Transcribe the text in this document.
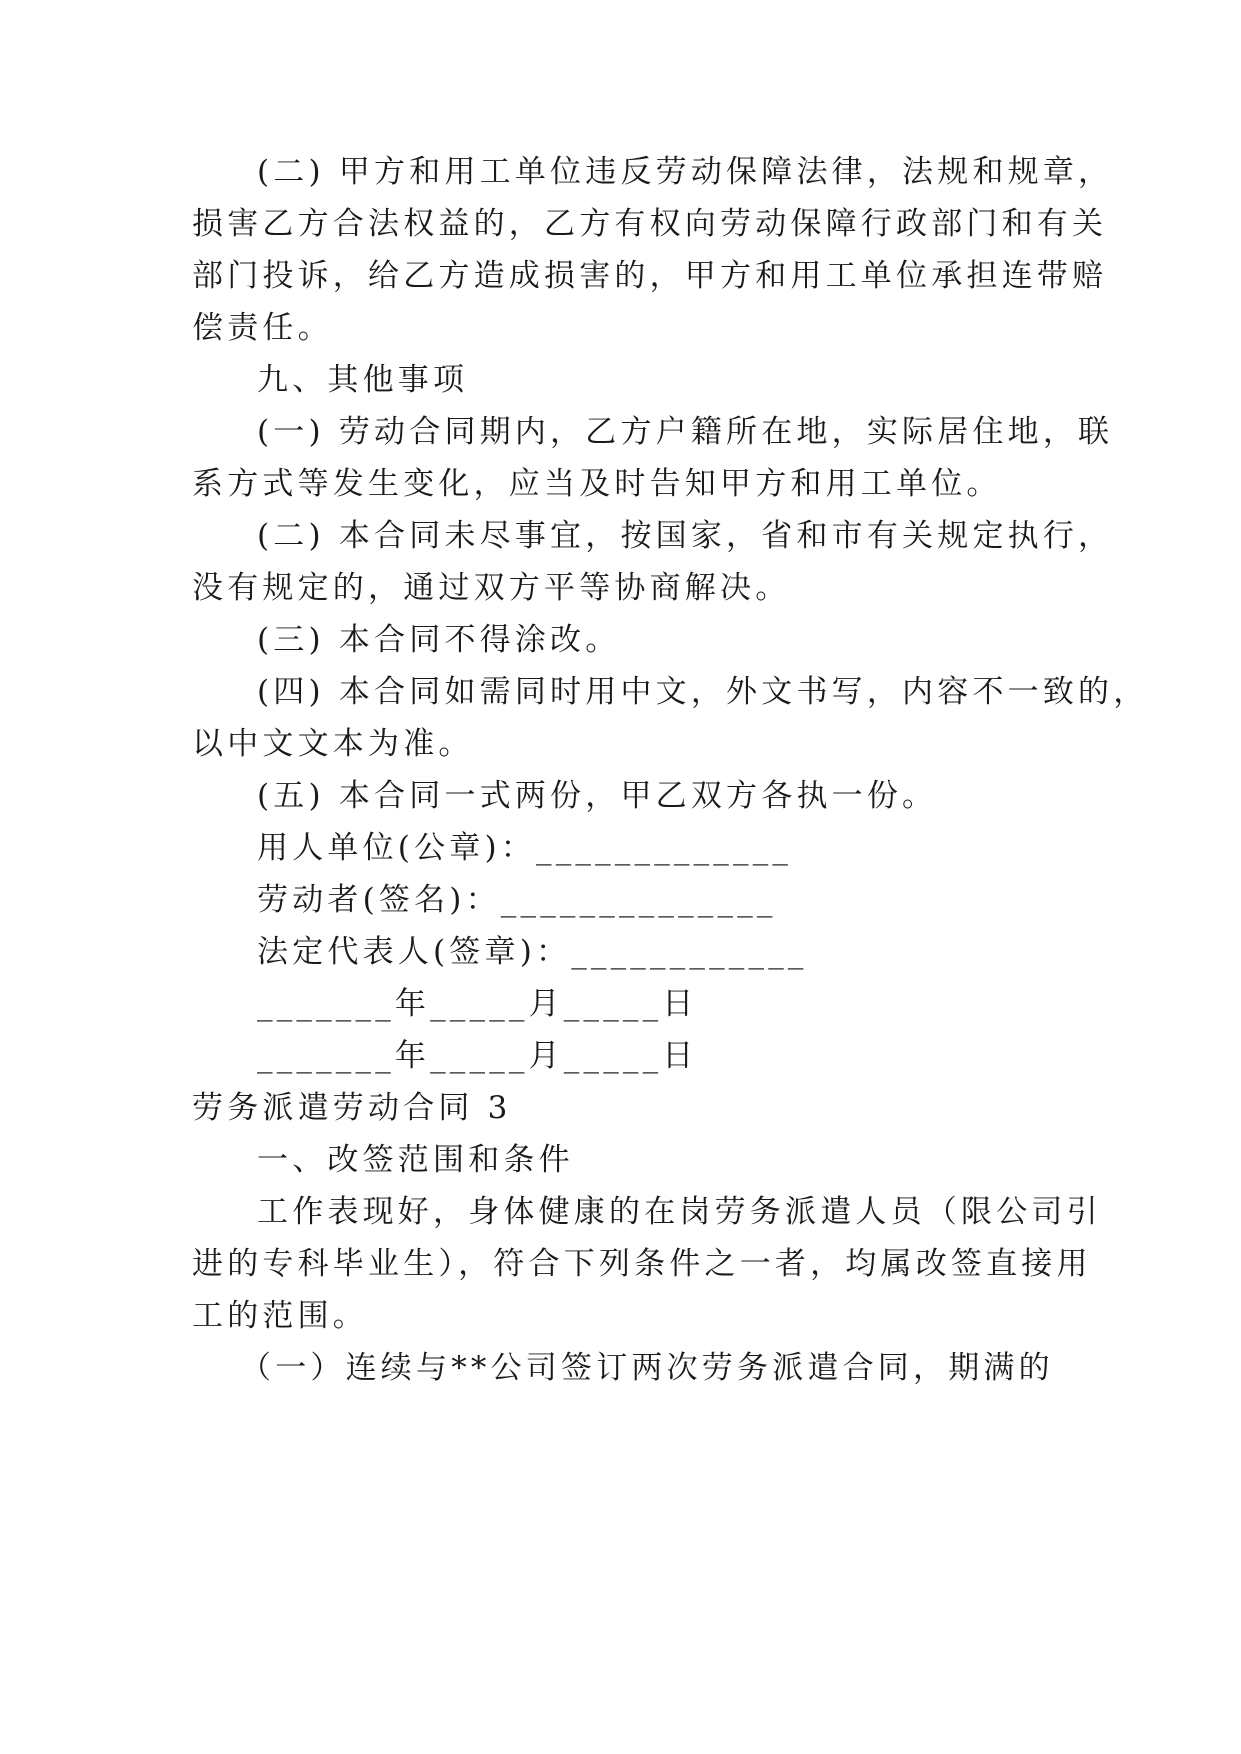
(二) 甲方和用工单位违反劳动保障法律，法规和规章，
损害乙方合法权益的，乙方有权向劳动保障行政部门和有关
部门投诉，给乙方造成损害的，甲方和用工单位承担连带赔
偿责任。
九、其他事项
(一) 劳动合同期内，乙方户籍所在地，实际居住地，联
系方式等发生变化，应当及时告知甲方和用工单位。
(二) 本合同未尽事宜，按国家，省和市有关规定执行，
没有规定的，通过双方平等协商解决。
(三) 本合同不得涂改。
(四) 本合同如需同时用中文，外文书写，内容不一致的，
以中文文本为准。
(五) 本合同一式两份，甲乙双方各执一份。
用人单位(公章)：_____________
劳动者(签名)：______________
法定代表人(签章)：____________
_______年_____月_____日
_______年_____月_____日
劳务派遣劳动合同 3
一、改签范围和条件
工作表现好，身体健康的在岗劳务派遣人员（限公司引
进的专科毕业生），符合下列条件之一者，均属改签直接用
工的范围。
（一）连续与**公司签订两次劳务派遣合同，期满的
